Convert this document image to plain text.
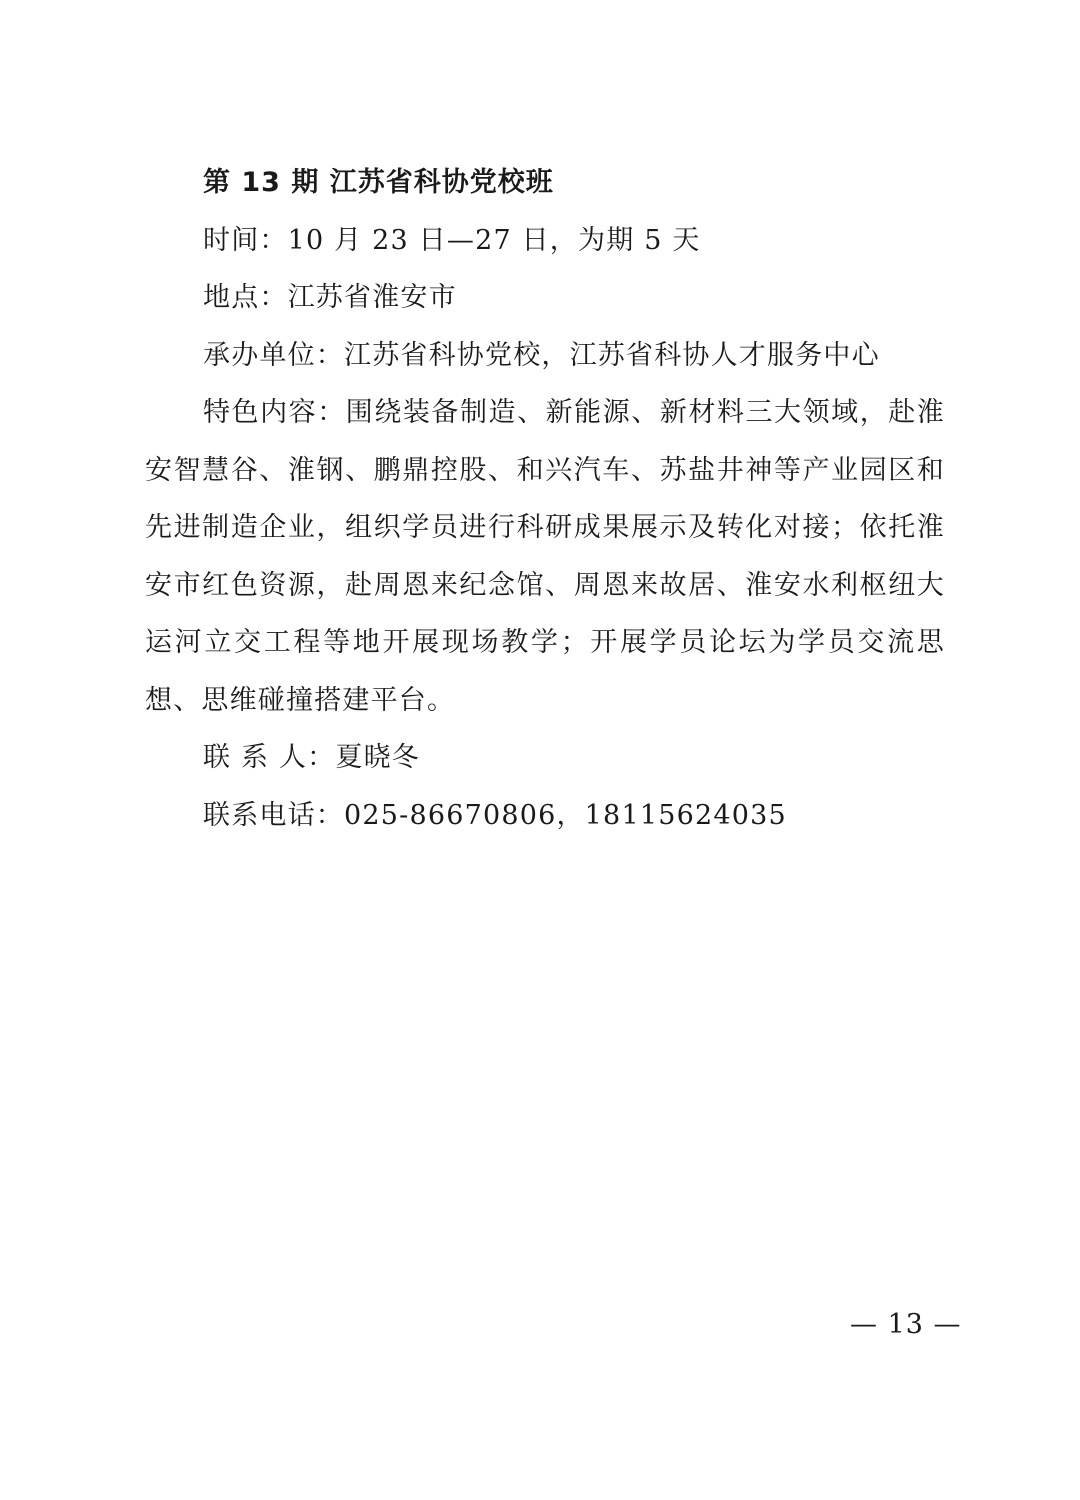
第 13 期 江苏省科协党校班
时间：10 月 23 日—27 日，为期 5 天
地点：江苏省淮安市
承办单位：江苏省科协党校，江苏省科协人才服务中心
特色内容：围绕装备制造、新能源、新材料三大领域，赴淮安智慧谷、淮钢、鹏鼎控股、和兴汽车、苏盐井神等产业园区和先进制造企业，组织学员进行科研成果展示及转化对接；依托淮安市红色资源，赴周恩来纪念馆、周恩来故居、淮安水利枢纽大运河立交工程等地开展现场教学；开展学员论坛为学员交流思想、思维碰撞搭建平台。
联 系 人：夏晓冬
联系电话：025-86670806，18115624035
— 13 —
